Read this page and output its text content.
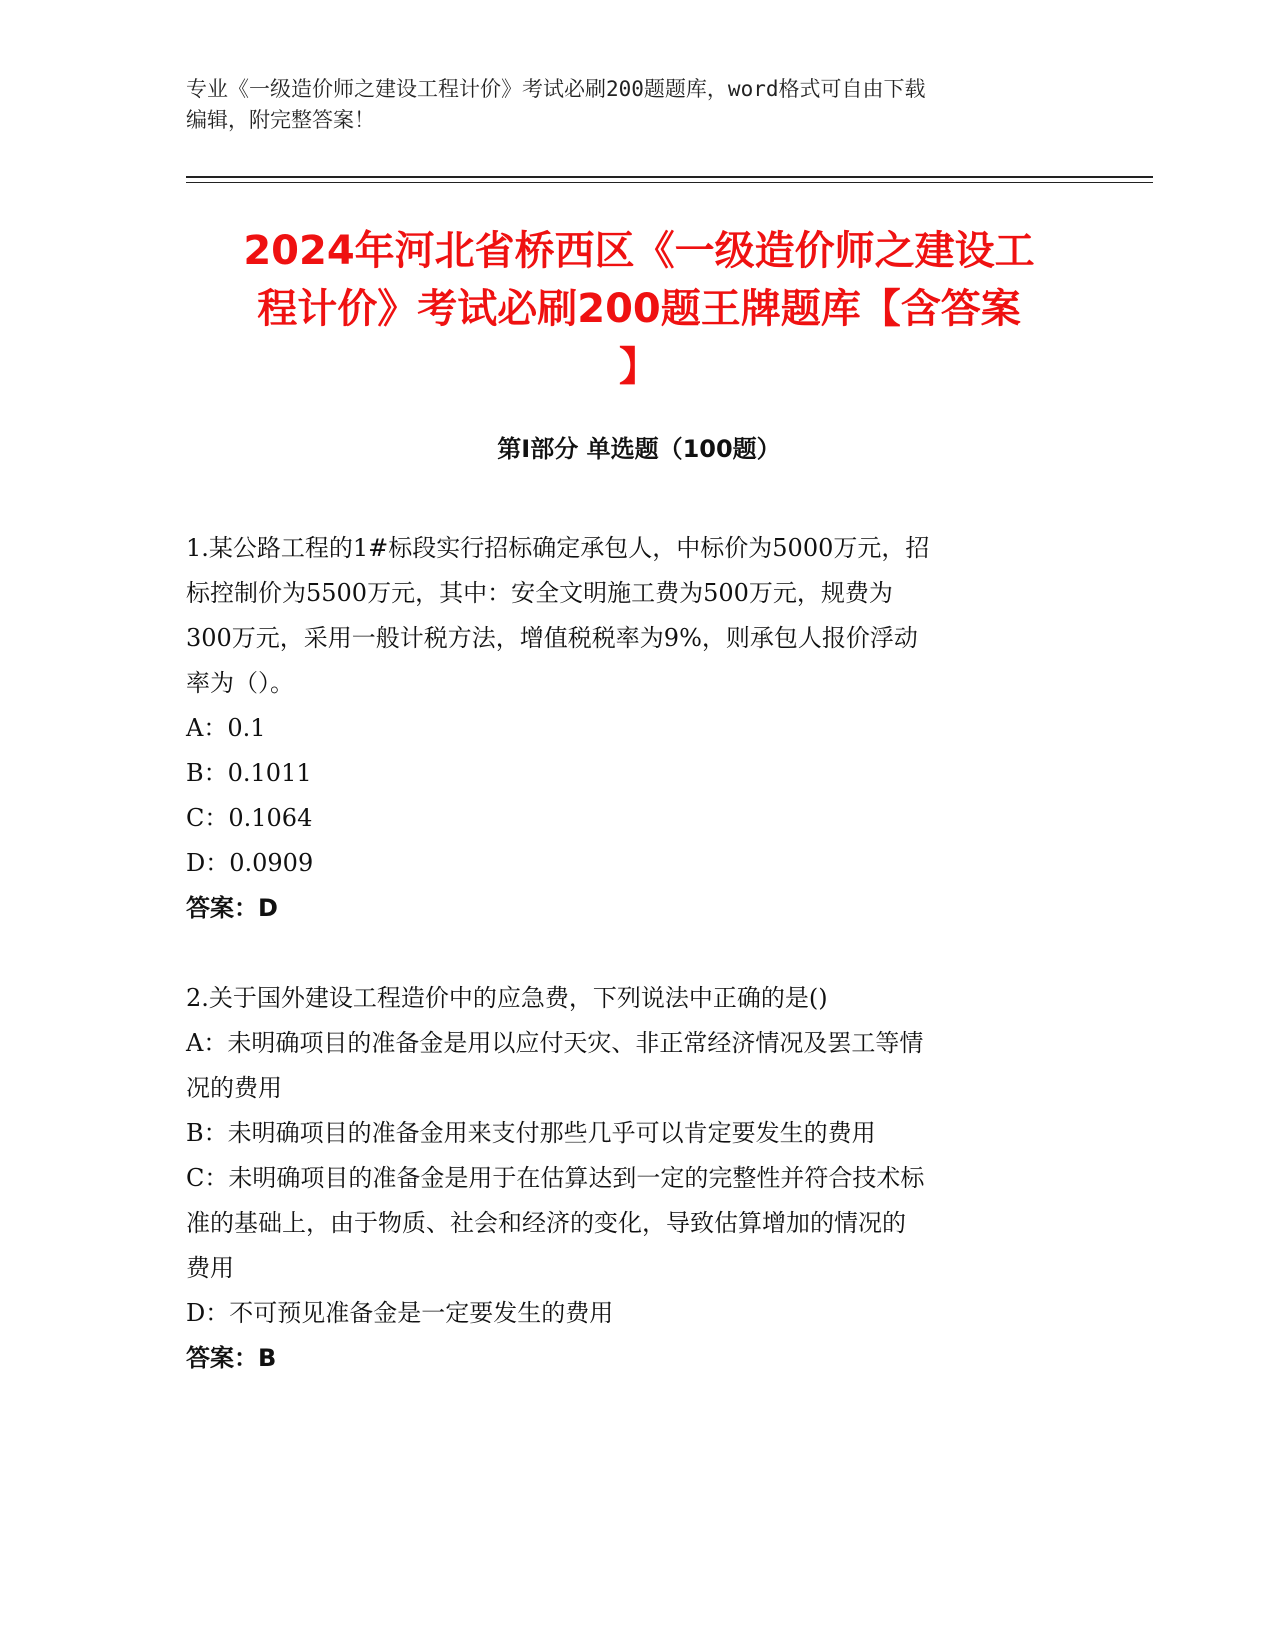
专业《一级造价师之建设工程计价》考试必刷200题题库，word格式可自由下载
编辑，附完整答案！
2024年河北省桥西区《一级造价师之建设工
程计价》考试必刷200题王牌题库【含答案
】
第Ⅰ部分 单选题（100题）
1.某公路工程的1#标段实行招标确定承包人，中标价为5000万元，招
标控制价为5500万元，其中：安全文明施工费为500万元，规费为
300万元，采用一般计税方法，增值税税率为9%，则承包人报价浮动
率为（）。
A：0.1
B：0.1011
C：0.1064
D：0.0909
答案：D
2.关于国外建设工程造价中的应急费，下列说法中正确的是()
A：未明确项目的准备金是用以应付天灾、非正常经济情况及罢工等情
况的费用
B：未明确项目的准备金用来支付那些几乎可以肯定要发生的费用
C：未明确项目的准备金是用于在估算达到一定的完整性并符合技术标
准的基础上，由于物质、社会和经济的变化，导致估算增加的情况的
费用
D：不可预见准备金是一定要发生的费用
答案：B
